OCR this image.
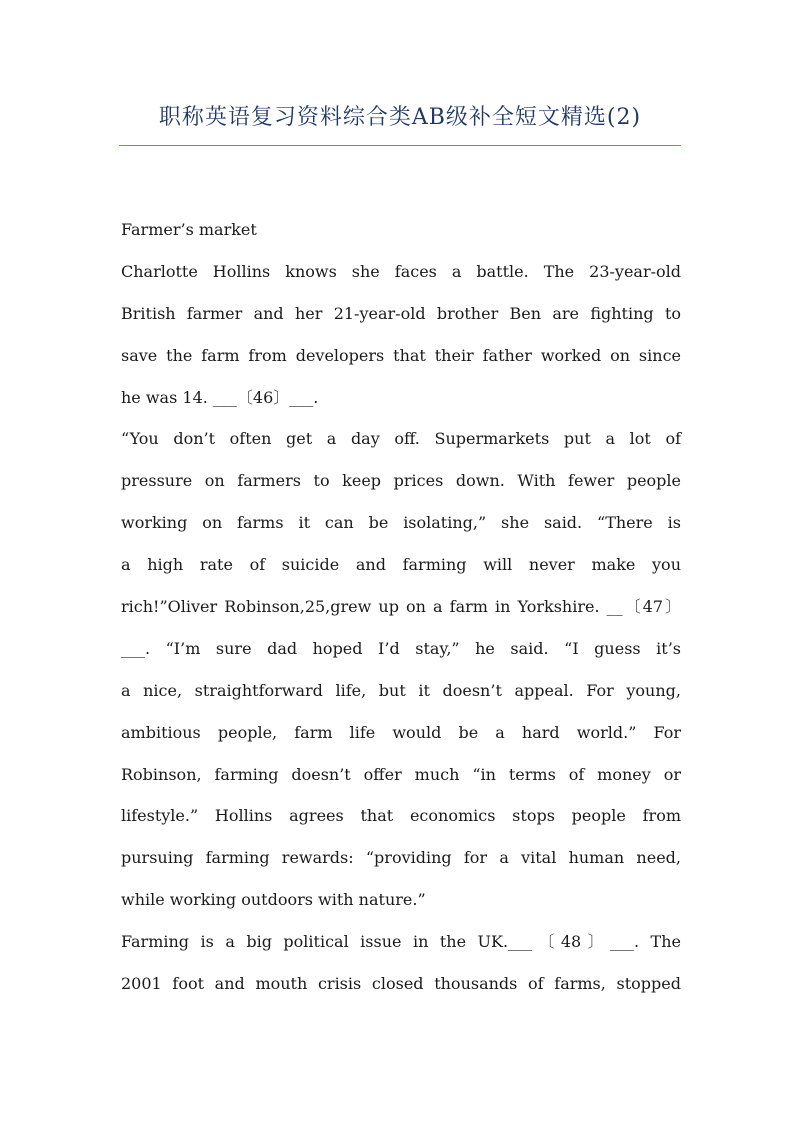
职称英语复习资料综合类AB级补全短文精选(2)
Farmer’s market
Charlotte Hollins knows she faces a battle. The 23-year-old
British farmer and her 21-year-old brother Ben are fighting to
save the farm from developers that their father worked on since
he was 14. ___〔46〕___.
“You don’t often get a day off. Supermarkets put a lot of
pressure on farmers to keep prices down. With fewer people
working on farms it can be isolating,” she said. “There is
a high rate of suicide and farming will never make you
rich!”Oliver Robinson,25,grew up on a farm in Yorkshire. __〔47〕
___. “I’m sure dad hoped I’d stay,” he said. “I guess it’s
a nice, straightforward life, but it doesn’t appeal. For young,
ambitious people, farm life would be a hard world.” For
Robinson, farming doesn’t offer much “in terms of money or
lifestyle.” Hollins agrees that economics stops people from
pursuing farming rewards: “providing for a vital human need,
while working outdoors with nature.”
Farming is a big political issue in the UK.___〔48〕___. The
2001 foot and mouth crisis closed thousands of farms, stopped
